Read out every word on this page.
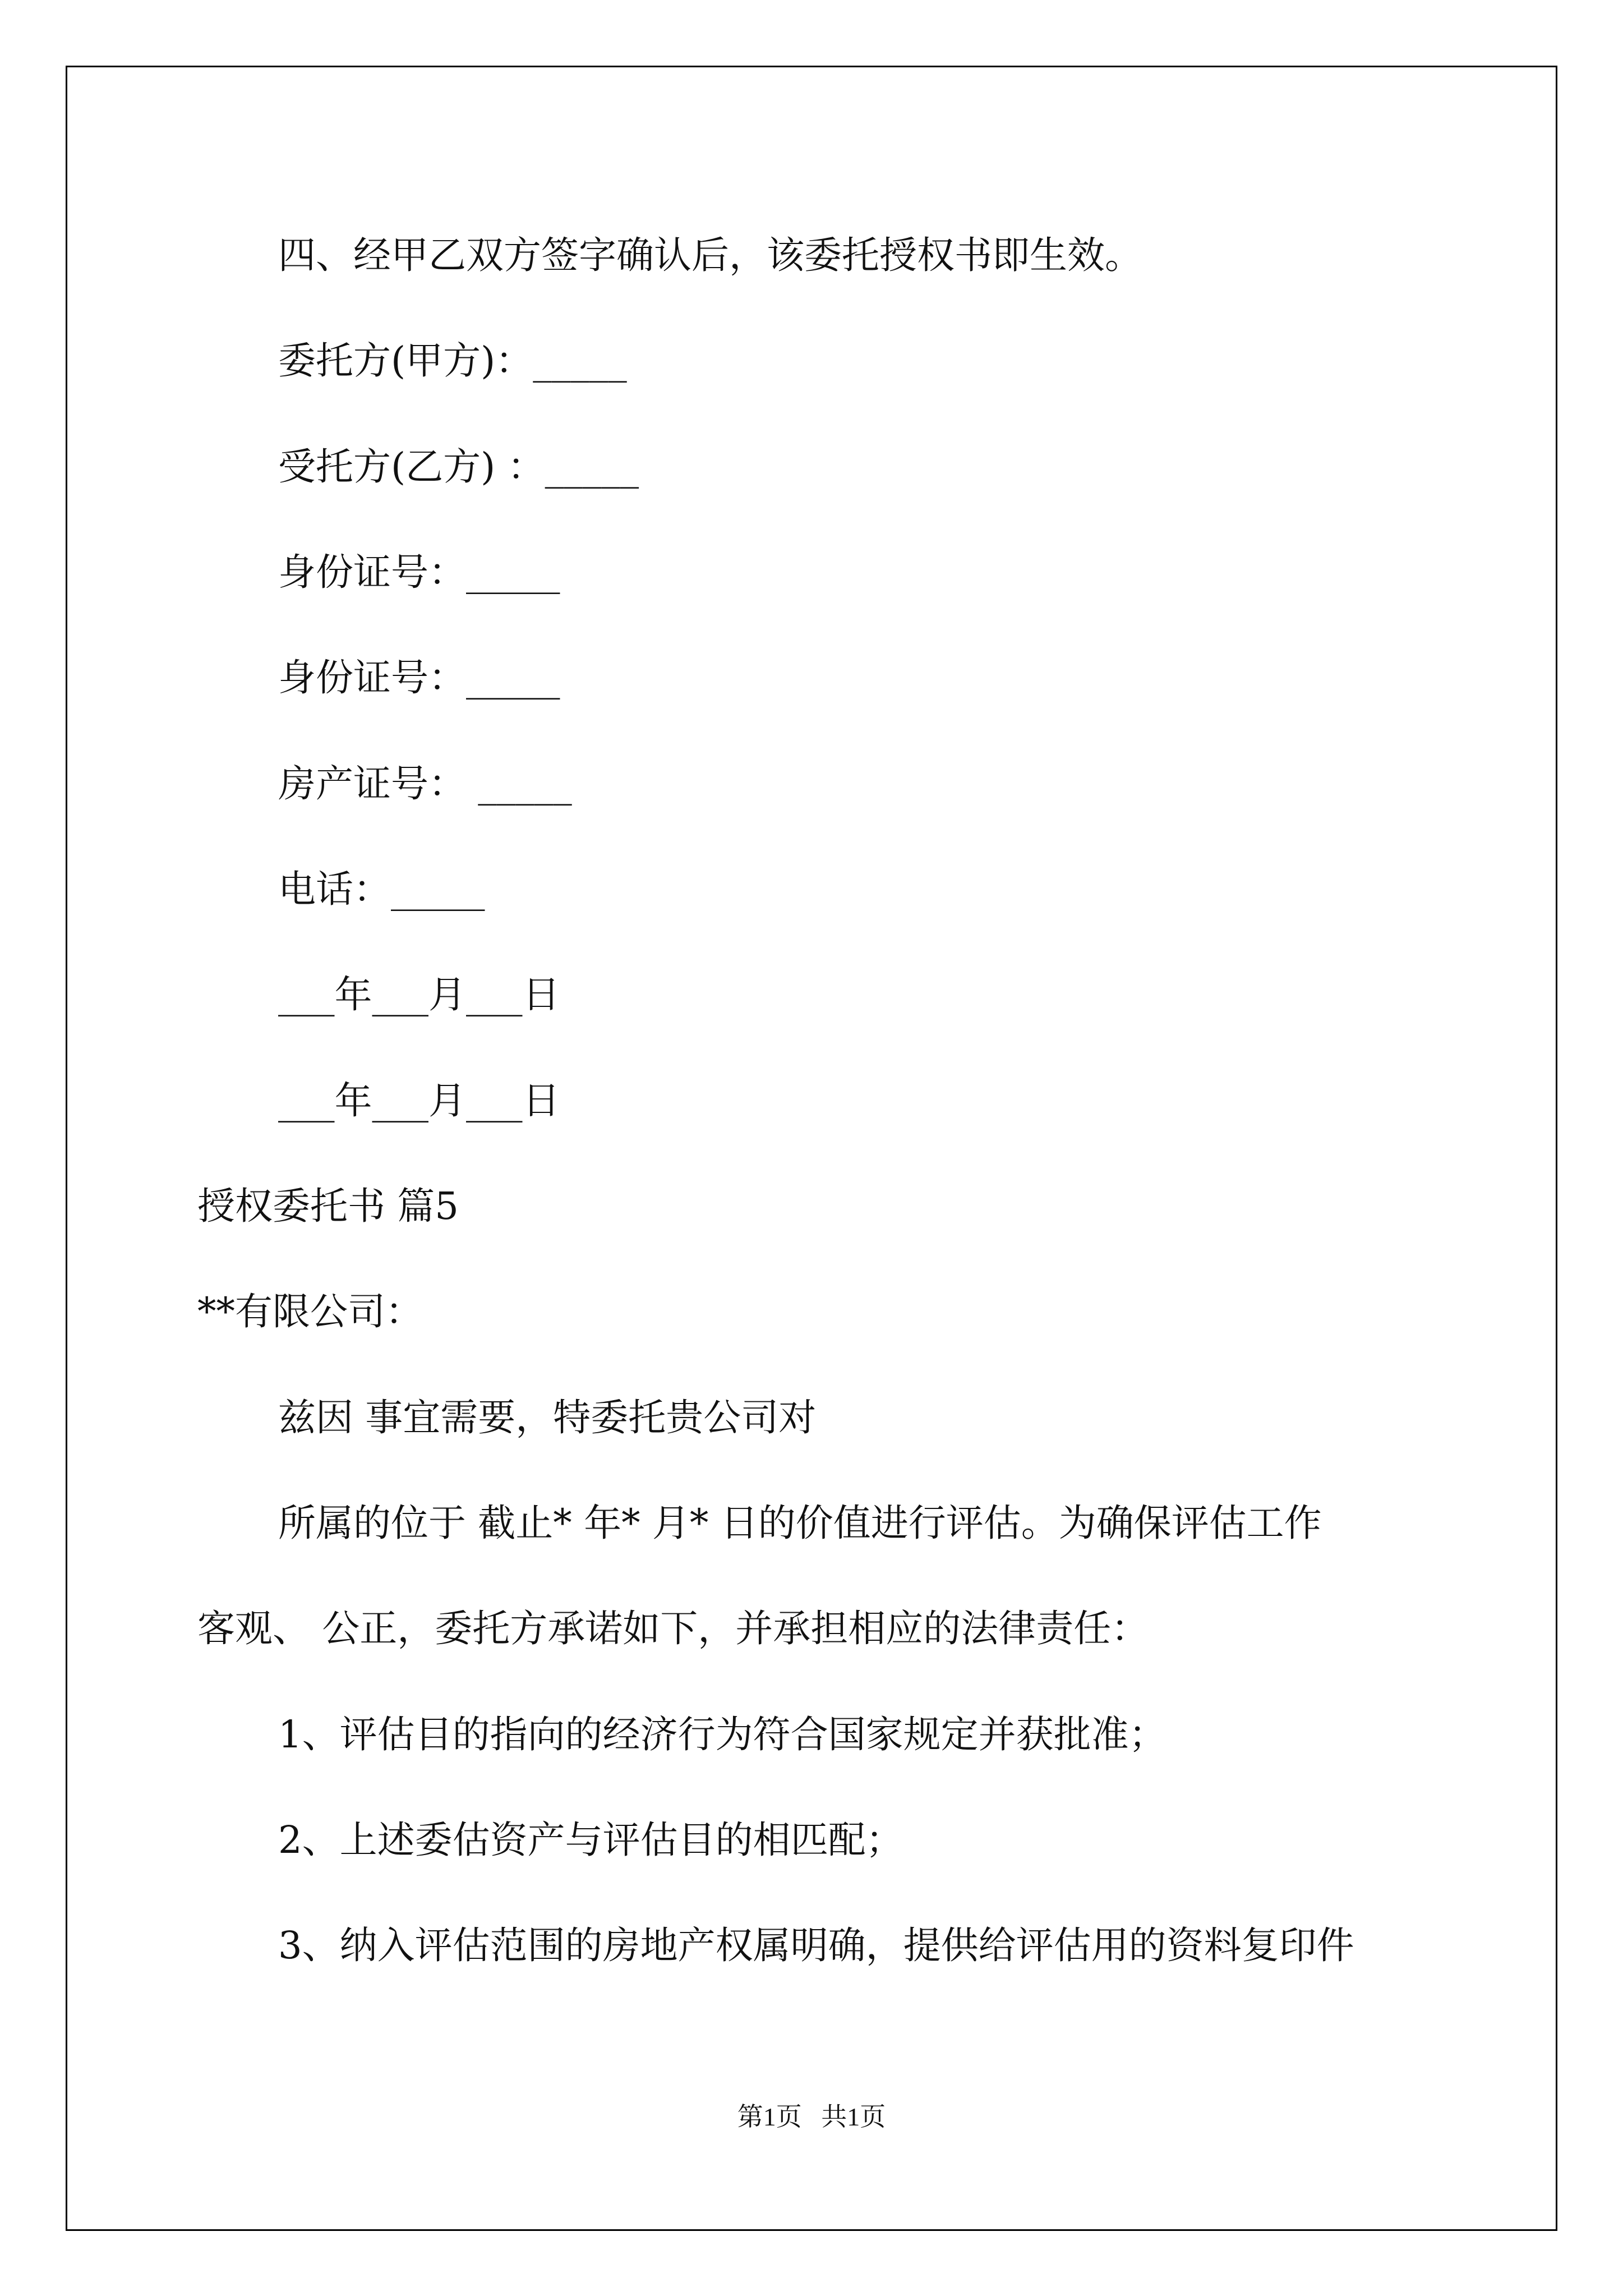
四、经甲乙双方签字确认后，该委托授权书即生效。
委托方(甲方)：_____
受托方(乙方) ：_____
身份证号：_____
身份证号：_____
房产证号： _____
电话：_____
___年___月___日
___年___月___日
授权委托书 篇5
**有限公司：
兹因 事宜需要，特委托贵公司对
所属的位于 截止* 年* 月* 日的价值进行评估。为确保评估工作
客观、 公正，委托方承诺如下，并承担相应的法律责任：
1、评估目的指向的经济行为符合国家规定并获批准；
2、上述委估资产与评估目的相匹配；
3、纳入评估范围的房地产权属明确，提供给评估用的资料复印件
第1页   共1页
